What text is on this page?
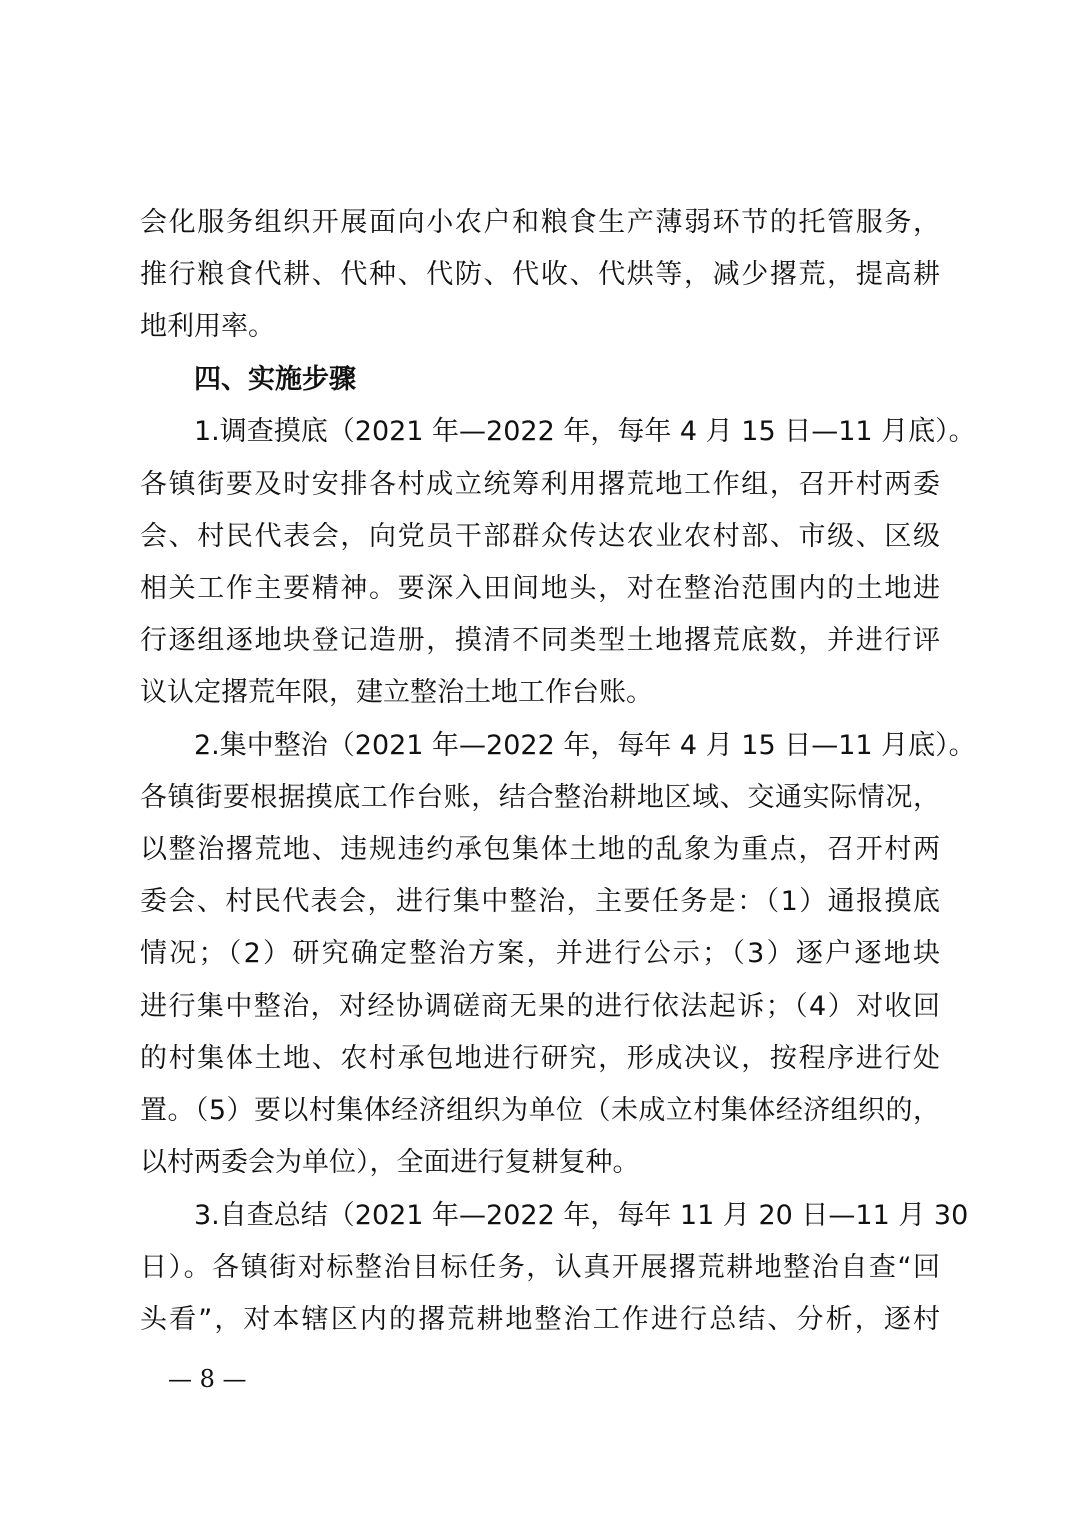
会化服务组织开展面向小农户和粮食生产薄弱环节的托管服务，
推行粮食代耕、代种、代防、代收、代烘等，减少撂荒，提高耕
地利用率。
四、实施步骤
1.调查摸底（2021 年—2022 年，每年 4 月 15 日—11 月底）。
各镇街要及时安排各村成立统筹利用撂荒地工作组，召开村两委
会、村民代表会，向党员干部群众传达农业农村部、市级、区级
相关工作主要精神。要深入田间地头，对在整治范围内的土地进
行逐组逐地块登记造册，摸清不同类型土地撂荒底数，并进行评
议认定撂荒年限，建立整治土地工作台账。
2.集中整治（2021 年—2022 年，每年 4 月 15 日—11 月底）。
各镇街要根据摸底工作台账，结合整治耕地区域、交通实际情况，
以整治撂荒地、违规违约承包集体土地的乱象为重点，召开村两
委会、村民代表会，进行集中整治，主要任务是：（1）通报摸底
情况；（2）研究确定整治方案，并进行公示；（3）逐户逐地块
进行集中整治，对经协调磋商无果的进行依法起诉；（4）对收回
的村集体土地、农村承包地进行研究，形成决议，按程序进行处
置。（5）要以村集体经济组织为单位（未成立村集体经济组织的，
以村两委会为单位），全面进行复耕复种。
3.自查总结（2021 年—2022 年，每年 11 月 20 日—11 月 30
日）。各镇街对标整治目标任务，认真开展撂荒耕地整治自查“回
头看”，对本辖区内的撂荒耕地整治工作进行总结、分析，逐村
— 8 —
